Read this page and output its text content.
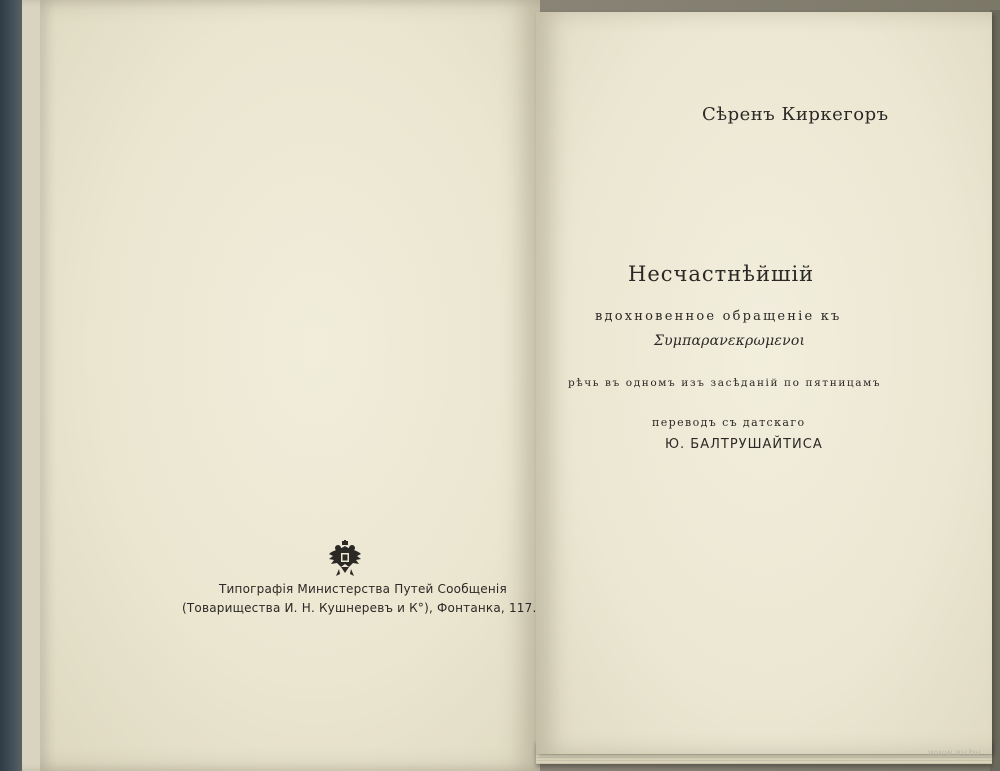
Сѣренъ Киркегоръ
Несчастнѣйшій
вдохновенное обращеніе къ
Συμπαρανεκρωμενοι
рѣчь въ одномъ изъ засѣданій по пятницамъ
переводъ съ датскаго
Ю. БАЛТРУШАЙТИСА
Типографія Министерства Путей Сообщенія
(Товарищества И. Н. Кушнеревъ и К°), Фонтанка, 117.
www.ay.by
